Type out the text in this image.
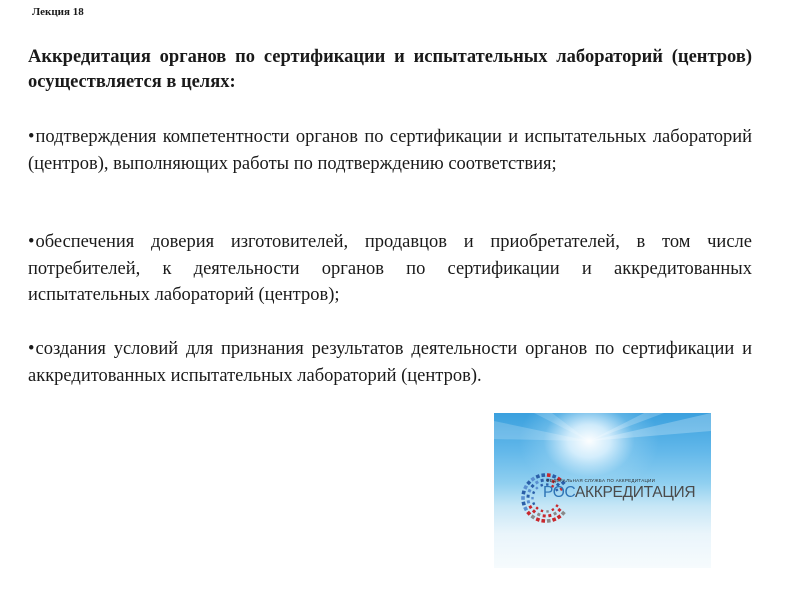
Лекция 18

Аккредитация органов по сертификации и испытательных лабораторий (центров) осуществляется в целях:

•подтверждения компетентности органов по сертификации и испытательных лабораторий (центров), выполняющих работы по подтверждению соответствия;

•обеспечения доверия изготовителей, продавцов и приобретателей, в том числе потребителей, к деятельности органов по сертификации и аккредитованных испытательных лабораторий (центров);

•создания условий для признания результатов деятельности органов по сертификации и аккредитованных испытательных лабораторий (центров).

ФЕДЕРАЛЬНАЯ СЛУЖБА ПО АККРЕДИТАЦИИ
РОСАККРЕДИТАЦИЯ
